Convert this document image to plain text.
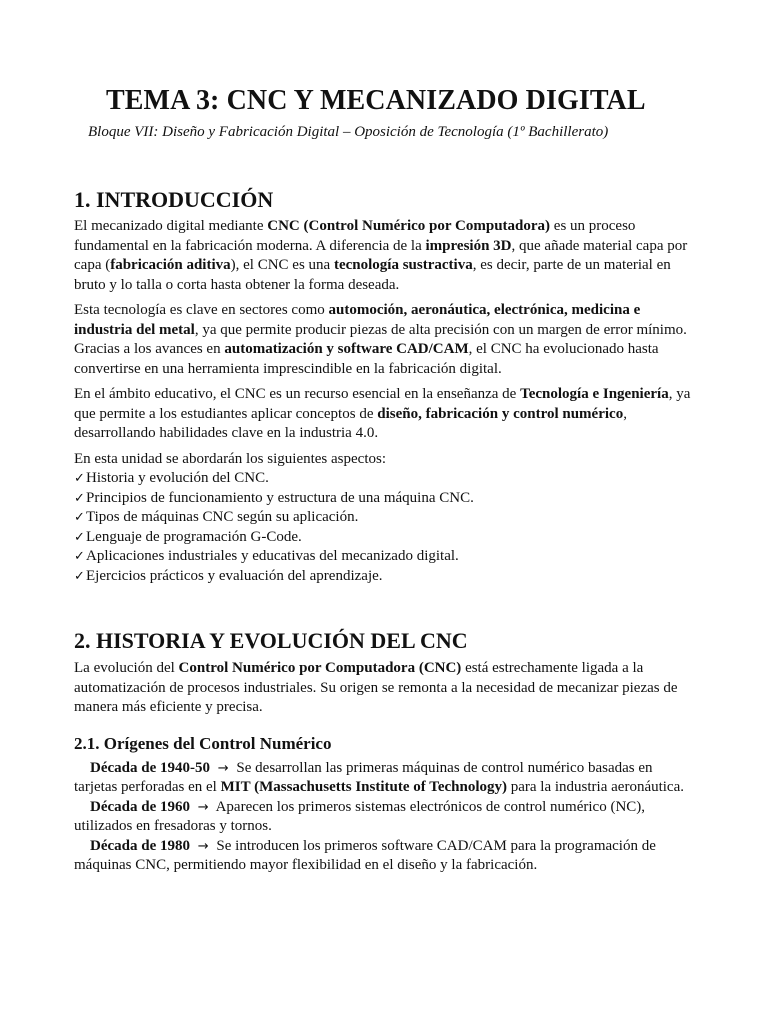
TEMA 3: CNC Y MECANIZADO DIGITAL
Bloque VII: Diseño y Fabricación Digital – Oposición de Tecnología (1º Bachillerato)
1. INTRODUCCIÓN

El mecanizado digital mediante CNC (Control Numérico por Computadora) es un proceso fundamental en la fabricación moderna. A diferencia de la impresión 3D, que añade material capa por capa (fabricación aditiva), el CNC es una tecnología sustractiva, es decir, parte de un material en bruto y lo talla o corta hasta obtener la forma deseada.

Esta tecnología es clave en sectores como automoción, aeronáutica, electrónica, medicina e industria del metal, ya que permite producir piezas de alta precisión con un margen de error mínimo. Gracias a los avances en automatización y software CAD/CAM, el CNC ha evolucionado hasta convertirse en una herramienta imprescindible en la fabricación digital.

En el ámbito educativo, el CNC es un recurso esencial en la enseñanza de Tecnología e Ingeniería, ya que permite a los estudiantes aplicar conceptos de diseño, fabricación y control numérico, desarrollando habilidades clave en la industria 4.0.

En esta unidad se abordarán los siguientes aspectos:

✓ Historia y evolución del CNC.
✓ Principios de funcionamiento y estructura de una máquina CNC.
✓ Tipos de máquinas CNC según su aplicación.
✓ Lenguaje de programación G-Code.
✓ Aplicaciones industriales y educativas del mecanizado digital.
✓ Ejercicios prácticos y evaluación del aprendizaje.
2. HISTORIA Y EVOLUCIÓN DEL CNC

La evolución del Control Numérico por Computadora (CNC) está estrechamente ligada a la automatización de procesos industriales. Su origen se remonta a la necesidad de mecanizar piezas de manera más eficiente y precisa.

2.1. Orígenes del Control Numérico

Década de 1940-50 → Se desarrollan las primeras máquinas de control numérico basadas en tarjetas perforadas en el MIT (Massachusetts Institute of Technology) para la industria aeronáutica.

Década de 1960 → Aparecen los primeros sistemas electrónicos de control numérico (NC), utilizados en fresadoras y tornos.

Década de 1980 → Se introducen los primeros software CAD/CAM para la programación de máquinas CNC, permitiendo mayor flexibilidad en el diseño y la fabricación.
